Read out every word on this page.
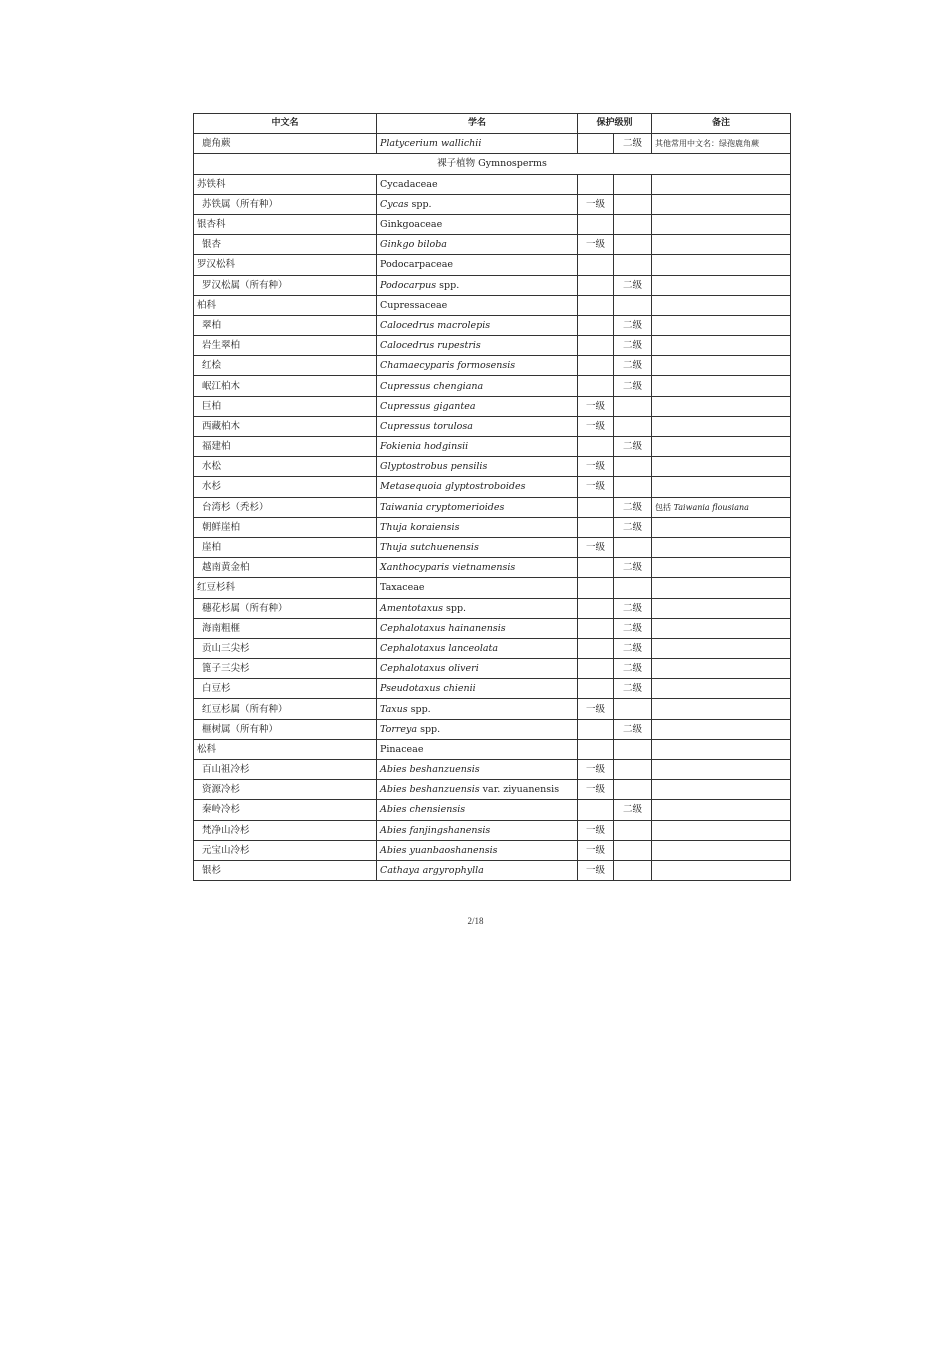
中文名	学名	保护级别		备注
鹿角蕨	Platycerium wallichii		二级	其他常用中文名：绿孢鹿角蕨
裸子植物 Gymnosperms				
苏铁科	Cycadaceae			
苏铁属（所有种）	Cycas spp.	一级		
银杏科	Ginkgoaceae			
银杏	Ginkgo biloba	一级		
罗汉松科	Podocarpaceae			
罗汉松属（所有种）	Podocarpus spp.		二级	
柏科	Cupressaceae			
翠柏	Calocedrus macrolepis		二级	
岩生翠柏	Calocedrus rupestris		二级	
红桧	Chamaecyparis formosensis		二级	
岷江柏木	Cupressus chengiana		二级	
巨柏	Cupressus gigantea	一级		
西藏柏木	Cupressus torulosa	一级		
福建柏	Fokienia hodginsii		二级	
水松	Glyptostrobus pensilis	一级		
水杉	Metasequoia glyptostroboides	一级		
台湾杉（秃杉）	Taiwania cryptomerioides		二级	包括 Taiwania flousiana
朝鲜崖柏	Thuja koraiensis		二级	
崖柏	Thuja sutchuenensis	一级		
越南黄金柏	Xanthocyparis vietnamensis		二级	
红豆杉科	Taxaceae			
穗花杉属（所有种）	Amentotaxus spp.		二级	
海南粗榧	Cephalotaxus hainanensis		二级	
贡山三尖杉	Cephalotaxus lanceolata		二级	
篦子三尖杉	Cephalotaxus oliveri		二级	
白豆杉	Pseudotaxus chienii		二级	
红豆杉属（所有种）	Taxus spp.	一级		
榧树属（所有种）	Torreya spp.		二级	
松科	Pinaceae			
百山祖冷杉	Abies beshanzuensis	一级		
资源冷杉	Abies beshanzuensis var. ziyuanensis	一级		
秦岭冷杉	Abies chensiensis		二级	
梵净山冷杉	Abies fanjingshanensis	一级		
元宝山冷杉	Abies yuanbaoshanensis	一级		
银杉	Cathaya argyrophylla	一级		
2/18
